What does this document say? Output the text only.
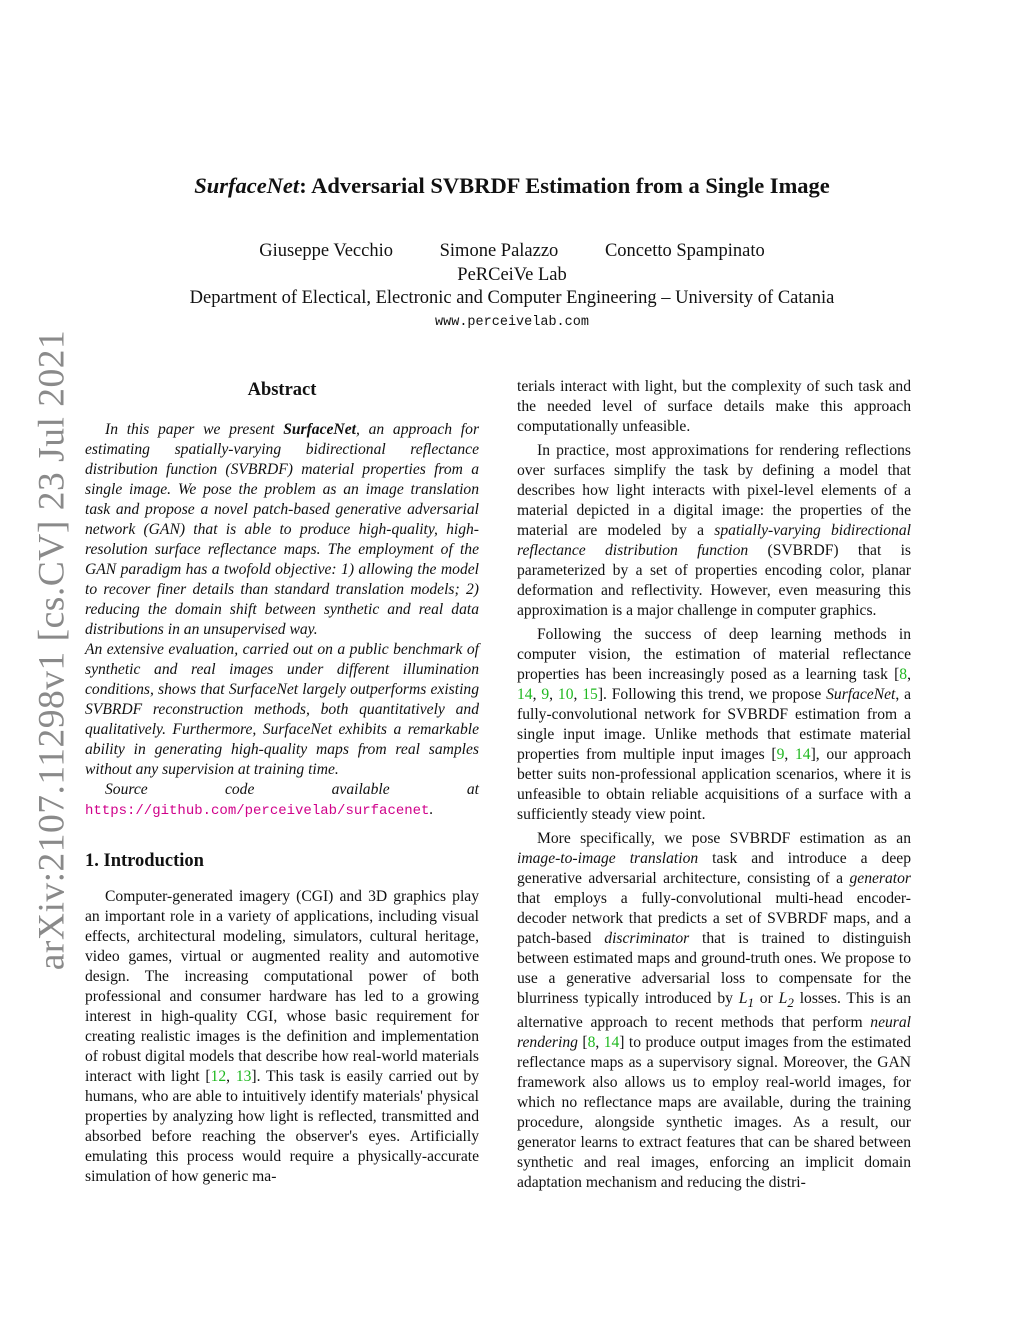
arXiv:2107.11298v1 [cs.CV] 23 Jul 2021
SurfaceNet: Adversarial SVBRDF Estimation from a Single Image
Giuseppe Vecchio	Simone Palazzo	Concetto Spampinato
PeRCeiVe Lab
Department of Electical, Electronic and Computer Engineering – University of Catania
www.perceivelab.com
Abstract

In this paper we present SurfaceNet, an approach for estimating spatially-varying bidirectional reflectance distribution function (SVBRDF) material properties from a single image. We pose the problem as an image translation task and propose a novel patch-based generative adversarial network (GAN) that is able to produce high-quality, high-resolution surface reflectance maps. The employment of the GAN paradigm has a twofold objective: 1) allowing the model to recover finer details than standard translation models; 2) reducing the domain shift between synthetic and real data distributions in an unsupervised way.

An extensive evaluation, carried out on a public benchmark of synthetic and real images under different illumination conditions, shows that SurfaceNet largely outperforms existing SVBRDF reconstruction methods, both quantitatively and qualitatively. Furthermore, SurfaceNet exhibits a remarkable ability in generating high-quality maps from real samples without any supervision at training time.

Source code available at https://github.com/perceivelab/surfacenet.

1. Introduction

Computer-generated imagery (CGI) and 3D graphics play an important role in a variety of applications, including visual effects, architectural modeling, simulators, cultural heritage, video games, virtual or augmented reality and automotive design. The increasing computational power of both professional and consumer hardware has led to a growing interest in high-quality CGI, whose basic requirement for creating realistic images is the definition and implementation of robust digital models that describe how real-world materials interact with light [12, 13]. This task is easily carried out by humans, who are able to intuitively identify materials' physical properties by analyzing how light is reflected, transmitted and absorbed before reaching the observer's eyes. Artificially emulating this process would require a physically-accurate simulation of how generic ma-

terials interact with light, but the complexity of such task and the needed level of surface details make this approach computationally unfeasible.

In practice, most approximations for rendering reflections over surfaces simplify the task by defining a model that describes how light interacts with pixel-level elements of a material depicted in a digital image: the properties of the material are modeled by a spatially-varying bidirectional reflectance distribution function (SVBRDF) that is parameterized by a set of properties encoding color, planar deformation and reflectivity. However, even measuring this approximation is a major challenge in computer graphics.

Following the success of deep learning methods in computer vision, the estimation of material reflectance properties has been increasingly posed as a learning task [8, 14, 9, 10, 15]. Following this trend, we propose SurfaceNet, a fully-convolutional network for SVBRDF estimation from a single input image. Unlike methods that estimate material properties from multiple input images [9, 14], our approach better suits non-professional application scenarios, where it is unfeasible to obtain reliable acquisitions of a surface with a sufficiently steady view point.

More specifically, we pose SVBRDF estimation as an image-to-image translation task and introduce a deep generative adversarial architecture, consisting of a generator that employs a fully-convolutional multi-head encoder-decoder network that predicts a set of SVBRDF maps, and a patch-based discriminator that is trained to distinguish between estimated maps and ground-truth ones. We propose to use a generative adversarial loss to compensate for the blurriness typically introduced by $L_1$ or $L_2$ losses. This is an alternative approach to recent methods that perform neural rendering [8, 14] to produce output images from the estimated reflectance maps as a supervisory signal. Moreover, the GAN framework also allows us to employ real-world images, for which no reflectance maps are available, during the training procedure, alongside synthetic images. As a result, our generator learns to extract features that can be shared between synthetic and real images, enforcing an implicit domain adaptation mechanism and reducing the distri-
